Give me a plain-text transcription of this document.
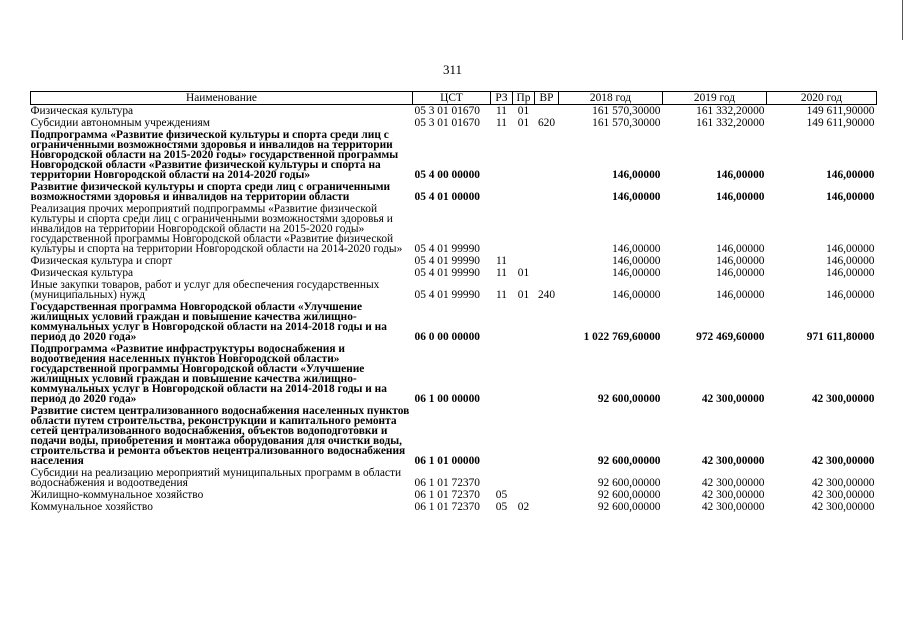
311
Наименование	ЦСТ	РЗ	Пр	ВР	2018 год	2019 год	2020 год
Физическая культура	05 3 01 01670	11	01		161 570,30000	161 332,20000	149 611,90000
Субсидии автономным учреждениям	05 3 01 01670	11	01	620	161 570,30000	161 332,20000	149 611,90000
Подпрограмма «Развитие физической культуры и спорта среди лиц с ограниченными возможностями здоровья и инвалидов на территории Новгородской области на 2015-2020 годы» государственной программы Новгородской области «Развитие физической культуры и спорта на территории Новгородской области на 2014-2020 годы»	05 4 00 00000				146,00000	146,00000	146,00000
Развитие физической культуры и спорта среди лиц с ограниченными возможностями здоровья и инвалидов на территории области	05 4 01 00000				146,00000	146,00000	146,00000
Реализация прочих мероприятий подпрограммы «Развитие физической культуры и спорта среди лиц с ограниченными возможностями здоровья и инвалидов на территории Новгородской области на 2015-2020 годы» государственной программы Новгородской области «Развитие физической культуры и спорта на территории Новгородской области на 2014-2020 годы»	05 4 01 99990				146,00000	146,00000	146,00000
Физическая культура и спорт	05 4 01 99990	11			146,00000	146,00000	146,00000
Физическая культура	05 4 01 99990	11	01		146,00000	146,00000	146,00000
Иные закупки товаров, работ и услуг для обеспечения государственных (муниципальных) нужд	05 4 01 99990	11	01	240	146,00000	146,00000	146,00000
Государственная программа Новгородской области «Улучшение жилищных условий граждан и повышение качества жилищно-коммунальных услуг в Новгородской области на 2014-2018 годы и на период до 2020 года»	06 0 00 00000				1 022 769,60000	972 469,60000	971 611,80000
Подпрограмма «Развитие инфраструктуры водоснабжения и водоотведения населенных пунктов Новгородской области» государственной программы Новгородской области «Улучшение жилищных условий граждан и повышение качества жилищно-коммунальных услуг в Новгородской области на 2014-2018 годы и на период до 2020 года»	06 1 00 00000				92 600,00000	42 300,00000	42 300,00000
Развитие систем централизованного водоснабжения населенных пунктов области путем строительства, реконструкции и капитального ремонта сетей централизованного водоснабжения, объектов водоподготовки и подачи воды, приобретения и монтажа оборудования для очистки воды, строительства и ремонта объектов нецентрализованного водоснабжения населения	06 1 01 00000				92 600,00000	42 300,00000	42 300,00000
Субсидии на реализацию мероприятий муниципальных программ в области водоснабжения и водоотведения	06 1 01 72370				92 600,00000	42 300,00000	42 300,00000
Жилищно-коммунальное хозяйство	06 1 01 72370	05			92 600,00000	42 300,00000	42 300,00000
Коммунальное хозяйство	06 1 01 72370	05	02		92 600,00000	42 300,00000	42 300,00000
